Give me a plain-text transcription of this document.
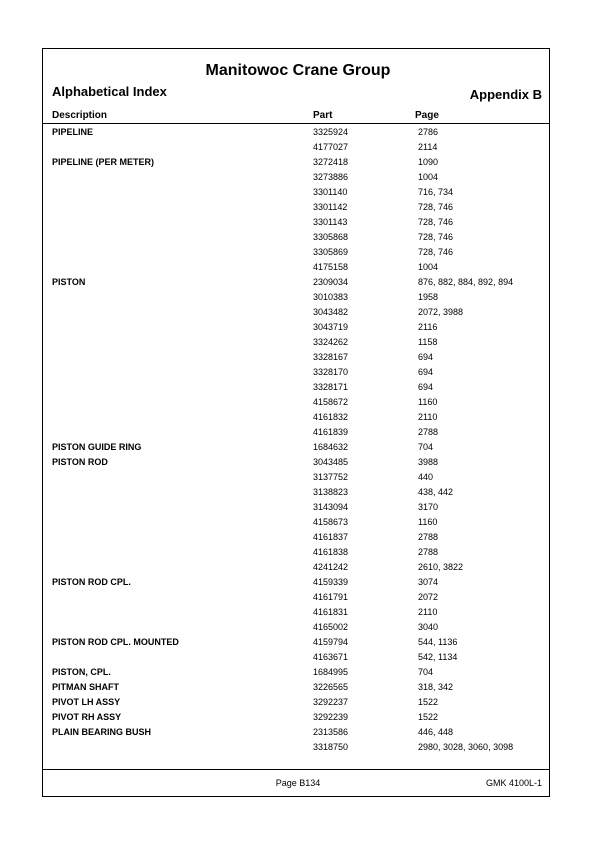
Manitowoc Crane Group
Alphabetical Index	Appendix B
Description	Part	Page
PIPELINE	3325924	2786
4177027	2114
PIPELINE (PER METER)	3272418	1090
3273886	1004
3301140	716, 734
3301142	728, 746
3301143	728, 746
3305868	728, 746
3305869	728, 746
4175158	1004
PISTON	2309034	876, 882, 884, 892, 894
3010383	1958
3043482	2072, 3988
3043719	2116
3324262	1158
3328167	694
3328170	694
3328171	694
4158672	1160
4161832	2110
4161839	2788
PISTON GUIDE RING	1684632	704
PISTON ROD	3043485	3988
3137752	440
3138823	438, 442
3143094	3170
4158673	1160
4161837	2788
4161838	2788
4241242	2610, 3822
PISTON ROD CPL.	4159339	3074
4161791	2072
4161831	2110
4165002	3040
PISTON ROD CPL. MOUNTED	4159794	544, 1136
4163671	542, 1134
PISTON, CPL.	1684995	704
PITMAN SHAFT	3226565	318, 342
PIVOT LH ASSY	3292237	1522
PIVOT RH ASSY	3292239	1522
PLAIN BEARING BUSH	2313586	446, 448
3318750	2980, 3028, 3060, 3098
Page B134	GMK 4100L-1
